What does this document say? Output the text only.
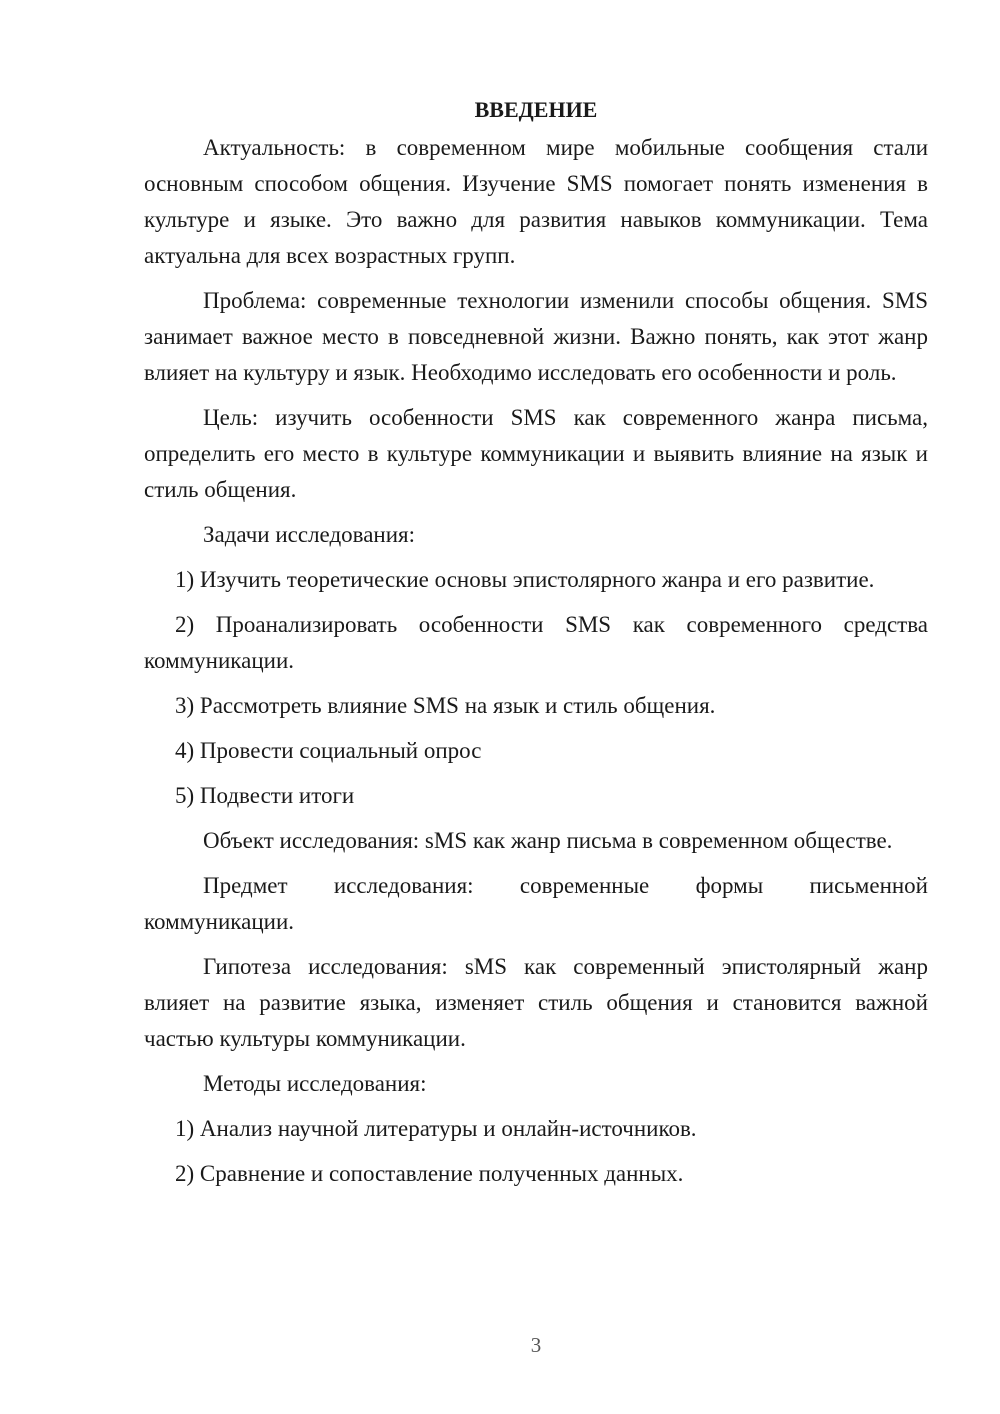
ВВЕДЕНИЕ

Актуальность: в современном мире мобильные сообщения стали основным способом общения. Изучение SMS помогает понять изменения в культуре и языке. Это важно для развития навыков коммуникации. Тема актуальна для всех возрастных групп.

Проблема: современные технологии изменили способы общения. SMS занимает важное место в повседневной жизни. Важно понять, как этот жанр влияет на культуру и язык. Необходимо исследовать его особенности и роль.

Цель: изучить особенности SMS как современного жанра письма, определить его место в культуре коммуникации и выявить влияние на язык и стиль общения.

Задачи исследования:

1) Изучить теоретические основы эпистолярного жанра и его развитие.

2) Проанализировать особенности SMS как современного средства коммуникации.

3) Рассмотреть влияние SMS на язык и стиль общения.

4) Провести социальный опрос

5) Подвести итоги

Объект исследования: sMS как жанр письма в современном обществе.

Предмет исследования: современные формы письменной
коммуникации.

Гипотеза исследования: sMS как современный эпистолярный жанр влияет на развитие языка, изменяет стиль общения и становится важной частью культуры коммуникации.

Методы исследования:

1) Анализ научной литературы и онлайн-источников.

2) Сравнение и сопоставление полученных данных.

3
